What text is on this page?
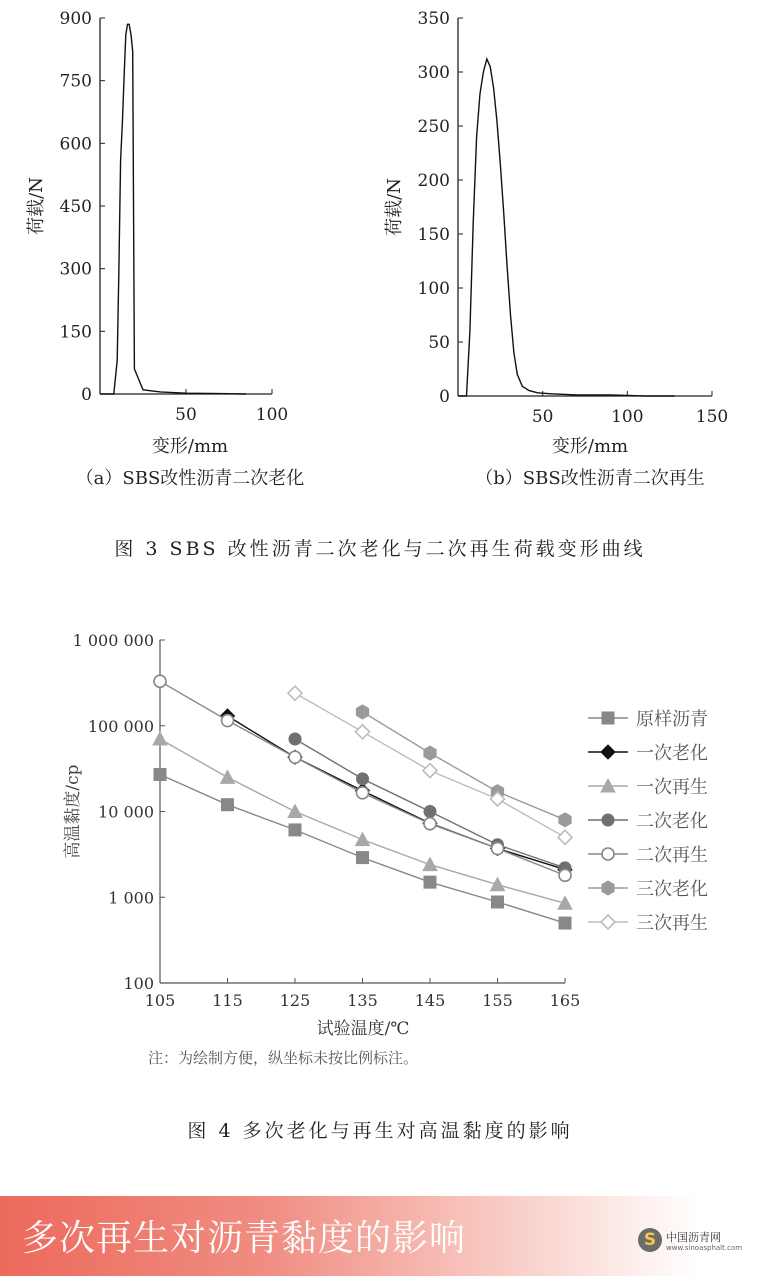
0
150
300
450
600
750
900
50	100
变形/mm
荷载/N
（a）SBS改性沥青二次老化
0
50
100
150
200
250
300
350
50	100	150
变形/mm
荷载/N
（b）SBS改性沥青二次再生
图 3 SBS 改性沥青二次老化与二次再生荷载变形曲线
100
1 000
10 000
100 000
1 000 000
105 115 125 135 145 155 165
试验温度/℃
高温黏度/cp
原样沥青
一次老化
一次再生
二次老化
二次再生
三次老化
三次再生
注：为绘制方便，纵坐标未按比例标注。
图 4 多次老化与再生对高温黏度的影响
多次再生对沥青黏度的影响	S 中国沥青网
www.sinoasphalt.com
